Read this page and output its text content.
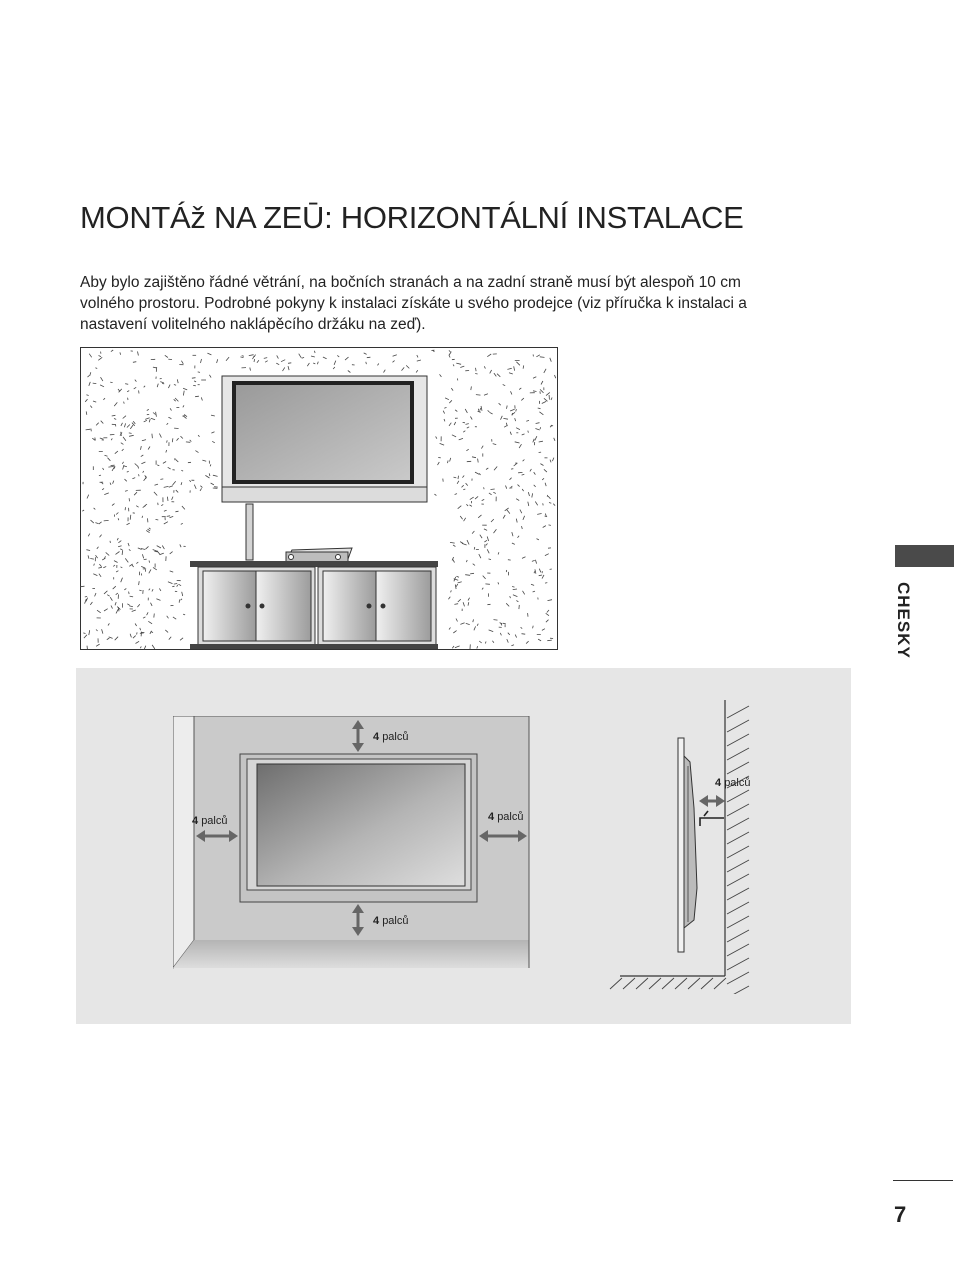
MONTÁž NA ZEŪ: HORIZONTÁLNÍ INSTALACE

Aby bylo zajištěno řádné větrání, na bočních stranách a na zadní straně musí být alespoň 10 cm volného prostoru. Podrobné pokyny k instalaci získáte u svého prodejce (viz příručka k instalaci a nastavení volitelného naklápěcího držáku na zeď).

4 palců
4 palců
4 palců	4 palců
4 palců
CHESKY
7
